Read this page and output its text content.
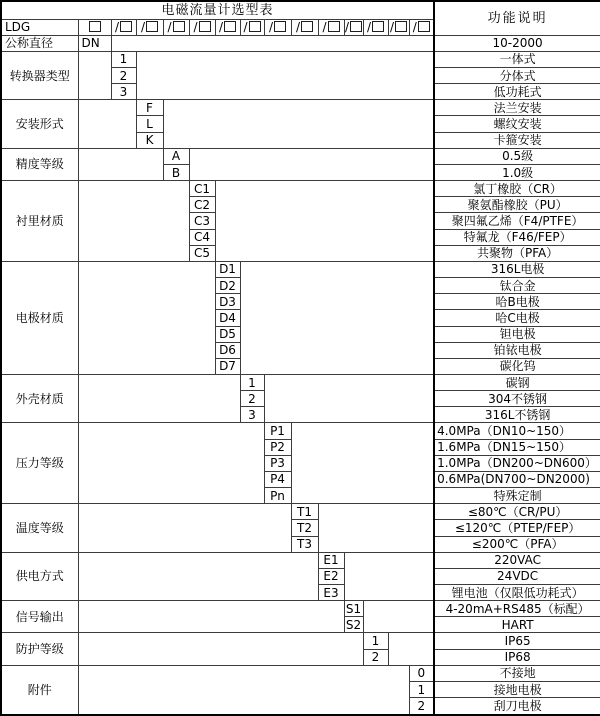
电磁流量计选型表															功能说明
LDG		/	/	/	/	/	/	/	/	/	/	/	/	/	
公称直径	DN														10-2000
转换器类型		1													一体式
		2													分体式
		3													低功耗式
安装形式			F												法兰安装
			L												螺纹安装
			K												卡箍安装
精度等级				A											0.5级
				B											1.0级
衬里材质					C1										氯丁橡胶（CR）
					C2										聚氨酯橡胶（PU）
					C3										聚四氟乙烯（F4/PTFE）
					C4										特氟龙（F46/FEP）
					C5										共聚物（PFA）
电极材质						D1									316L电极
						D2									钛合金
						D3									哈B电极
						D4									哈C电极
						D5									钽电极
						D6									铂铱电极
						D7									碳化钨
外壳材质							1								碳钢
							2								304不锈钢
							3								316L不锈钢
压力等级								P1							4.0MPa（DN10~150）
								P2							1.6MPa（DN15~150）
								P3							1.0MPa（DN200~DN600）
								P4							0.6MPa(DN700~DN2000)
								Pn							特殊定制
温度等级									T1						≤80℃（CR/PU）
									T2						≤120℃（PTEP/FEP）
									T3						≤200℃（PFA）
供电方式										E1					220VAC
										E2					24VDC
										E3					锂电池（仅限低功耗式）
信号输出											S1				4-20mA+RS485（标配）
											S2				HART
防护等级												1			IP65
												2			IP68
附件														0	不接地
														1	接地电极
														2	刮刀电极
